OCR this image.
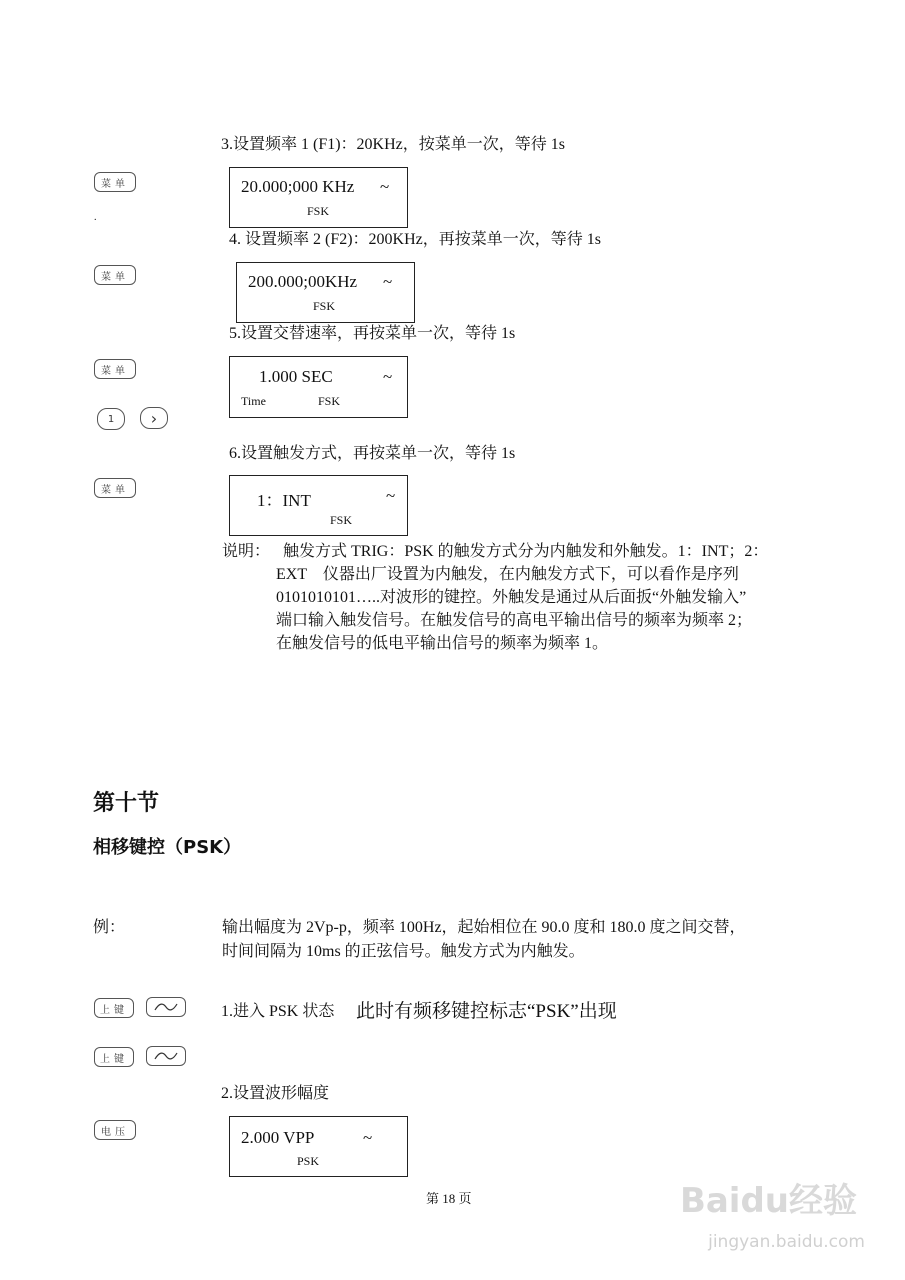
3.设置频率 1 (F1)：20KHz，按菜单一次，等待 1s
菜单
.
20.000;000 KHz ~
FSK
4. 设置频率 2 (F2)：200KHz，再按菜单一次，等待 1s
菜单	200.000;00KHz ~
FSK
5.设置交替速率，再按菜单一次，等待 1s
菜单	1.000 SEC	~
Time	FSK
1	›
6.设置触发方式，再按菜单一次，等待 1s
菜单
1：INT	~
FSK
说明： 触发方式 TRIG：PSK 的触发方式分为内触发和外触发。1：INT；2：
EXT　仪器出厂设置为内触发，在内触发方式下，可以看作是序列
0101010101…..对波形的键控。外触发是通过从后面扳“外触发输入”
端口输入触发信号。在触发信号的高电平输出信号的频率为频率 2；
在触发信号的低电平输出信号的频率为频率 1。
第十节
相移键控（PSK）
例：	输出幅度为 2Vp-p，频率 100Hz，起始相位在 90.0 度和 180.0 度之间交替，
时间间隔为 10ms 的正弦信号。触发方式为内触发。
上键	1.进入 PSK 状态 此时有频移键控标志“PSK”出现
上键
2.设置波形幅度
电压	2.000 VPP	~
PSK
第 18 页	Baidu经验
jingyan.baidu.com
